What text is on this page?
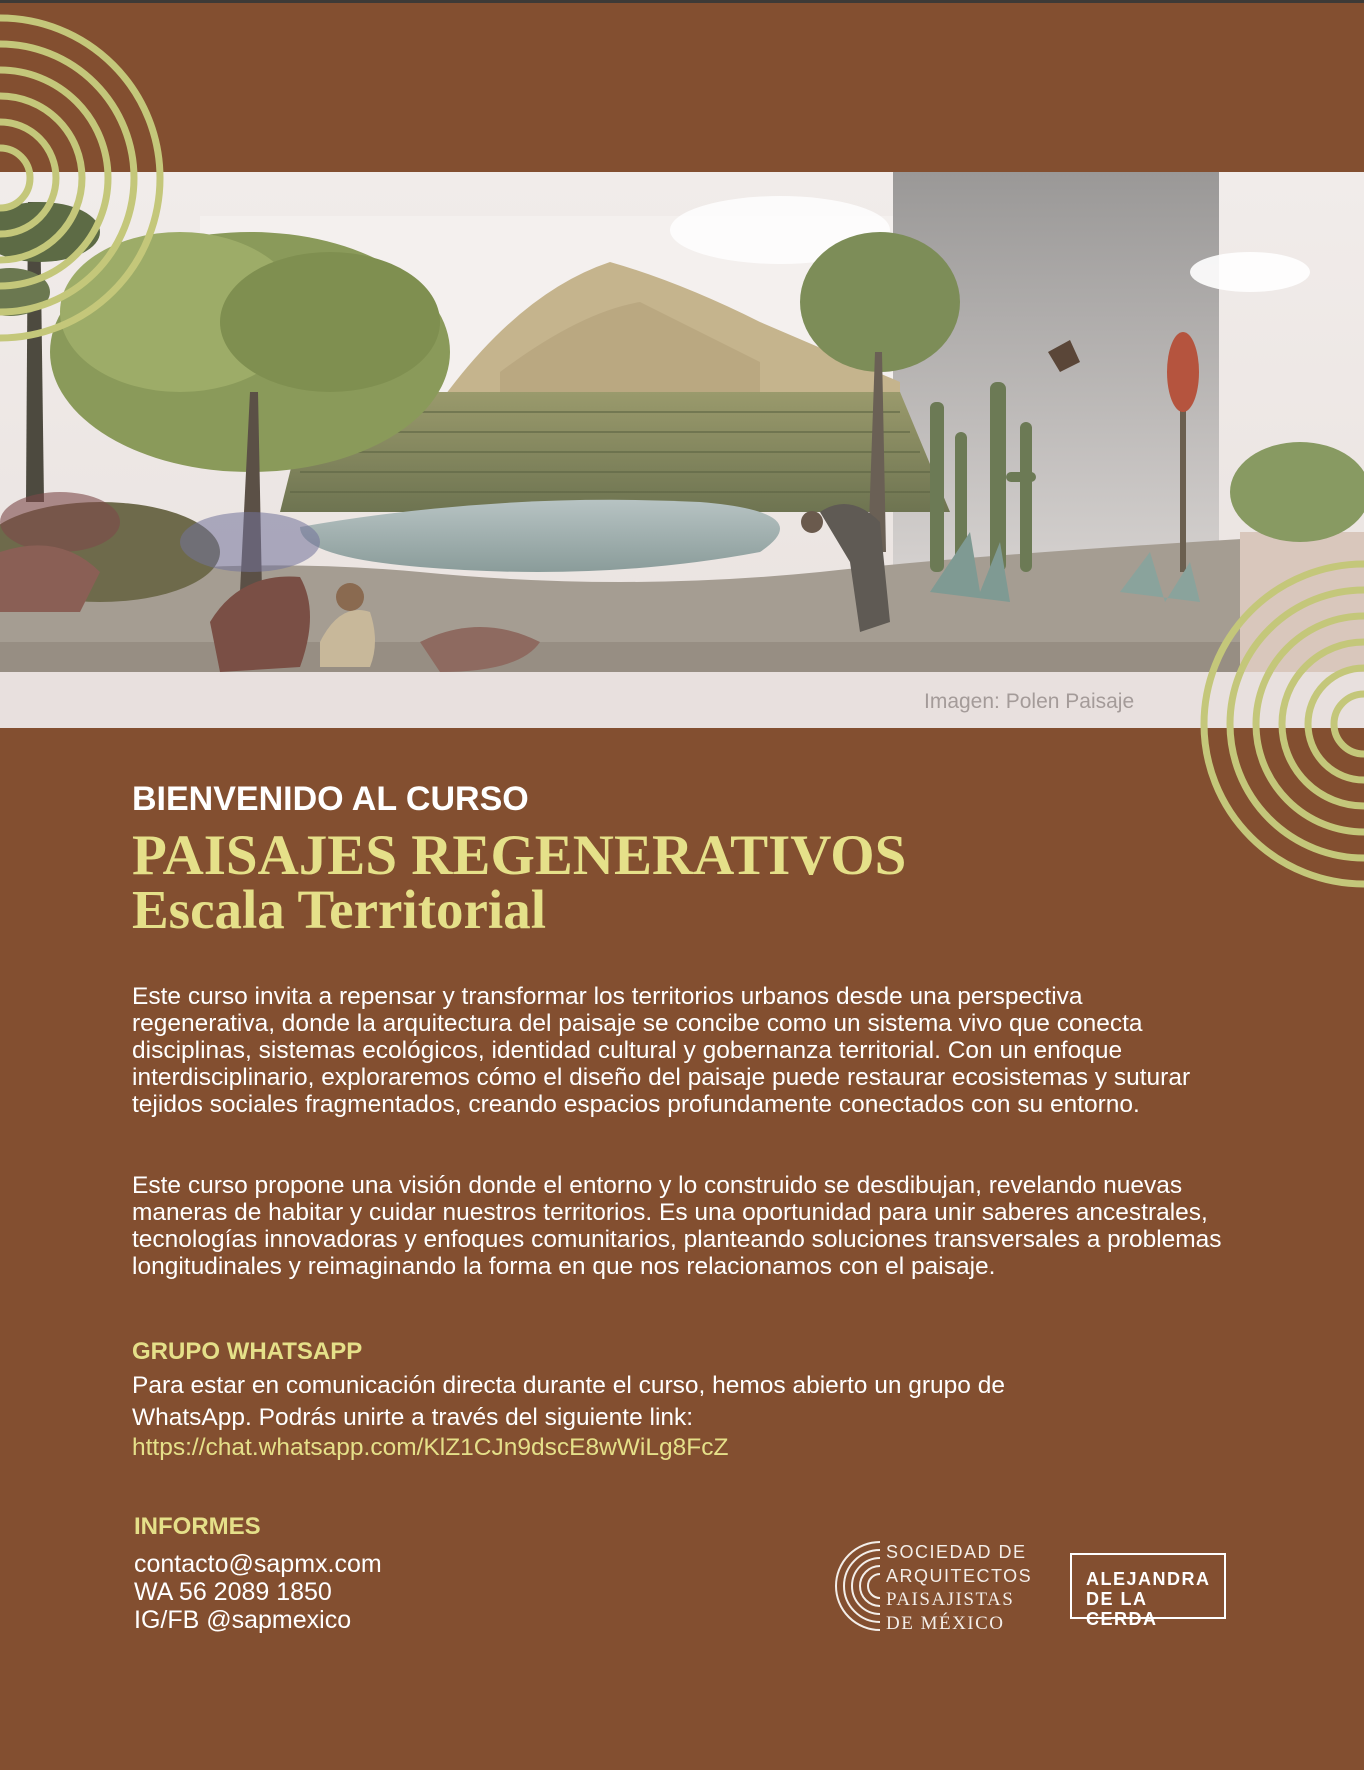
Imagen: Polen Paisaje
BIENVENIDO AL CURSO
PAISAJES REGENERATIVOS
Escala Territorial

Este curso invita a repensar y transformar los territorios urbanos desde una perspectiva regenerativa, donde la arquitectura del paisaje se concibe como un sistema vivo que conecta disciplinas, sistemas ecológicos, identidad cultural y gobernanza territorial. Con un enfoque interdisciplinario, exploraremos cómo el diseño del paisaje puede restaurar ecosistemas y suturar tejidos sociales fragmentados, creando espacios profundamente conectados con su entorno.

Este curso propone una visión donde el entorno y lo construido se desdibujan, revelando nuevas maneras de habitar y cuidar nuestros territorios. Es una oportunidad para unir saberes ancestrales, tecnologías innovadoras y enfoques comunitarios, planteando soluciones transversales a problemas longitudinales y reimaginando la forma en que nos relacionamos con el paisaje.

GRUPO WHATSAPP

Para estar en comunicación directa durante el curso, hemos abierto un grupo de WhatsApp. Podrás unirte a través del siguiente link:

https://chat.whatsapp.com/KlZ1CJn9dscE8wWiLg8FcZ
INFORMES
contacto@sapmx.com
WA 56 2089 1850
IG/FB @sapmexico
SOCIEDAD DE
ARQUITECTOS
PAISAJISTAS
DE MÉXICO
ALEJANDRA
DE LA CERDA
